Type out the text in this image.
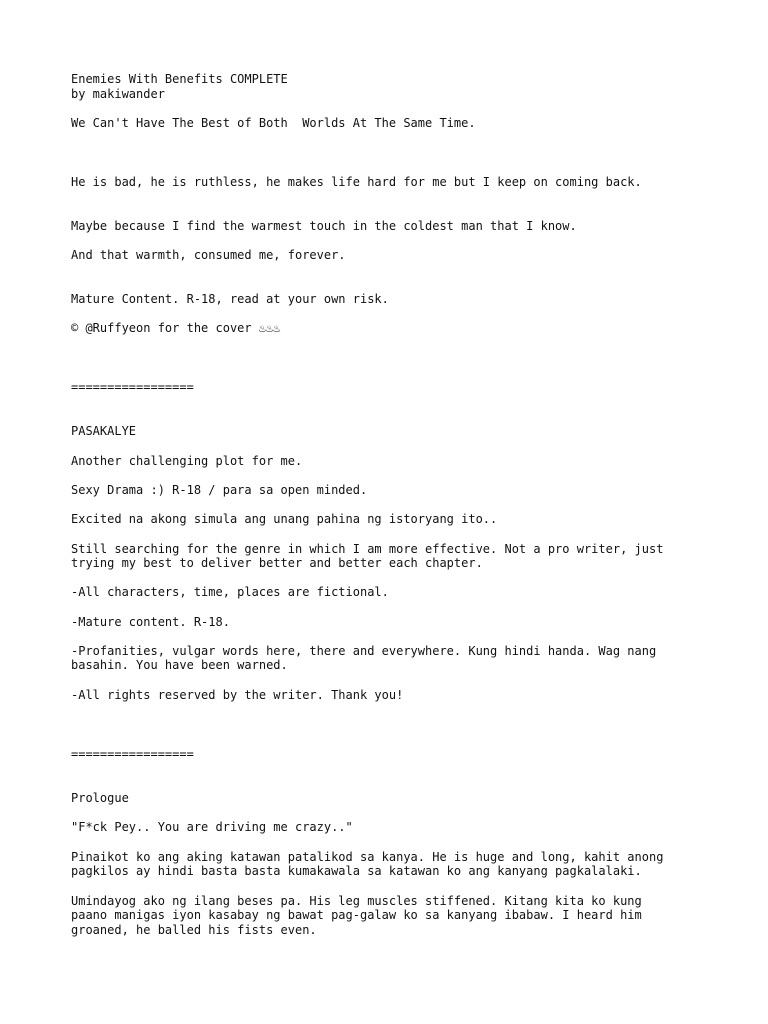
Enemies With Benefits COMPLETE

by makiwander

We Can't Have The Best of Both  Worlds At The Same Time.

He is bad, he is ruthless, he makes life hard for me but I keep on coming back.

Maybe because I find the warmest touch in the coldest man that I know.

And that warmth, consumed me, forever.

Mature Content. R-18, read at your own risk.

© @Ruffyeon for the cover ♨♨♨

=================

PASAKALYE

Another challenging plot for me.

Sexy Drama :) R-18 / para sa open minded.

Excited na akong simula ang unang pahina ng istoryang ito..

Still searching for the genre in which I am more effective. Not a pro writer, just

trying my best to deliver better and better each chapter.

-All characters, time, places are fictional.

-Mature content. R-18.

-Profanities, vulgar words here, there and everywhere. Kung hindi handa. Wag nang

basahin. You have been warned.

-All rights reserved by the writer. Thank you!

=================

Prologue

"F*ck Pey.. You are driving me crazy.."

Pinaikot ko ang aking katawan patalikod sa kanya. He is huge and long, kahit anong

pagkilos ay hindi basta basta kumakawala sa katawan ko ang kanyang pagkalalaki.

Umindayog ako ng ilang beses pa. His leg muscles stiffened. Kitang kita ko kung

paano manigas iyon kasabay ng bawat pag-galaw ko sa kanyang ibabaw. I heard him

groaned, he balled his fists even.
